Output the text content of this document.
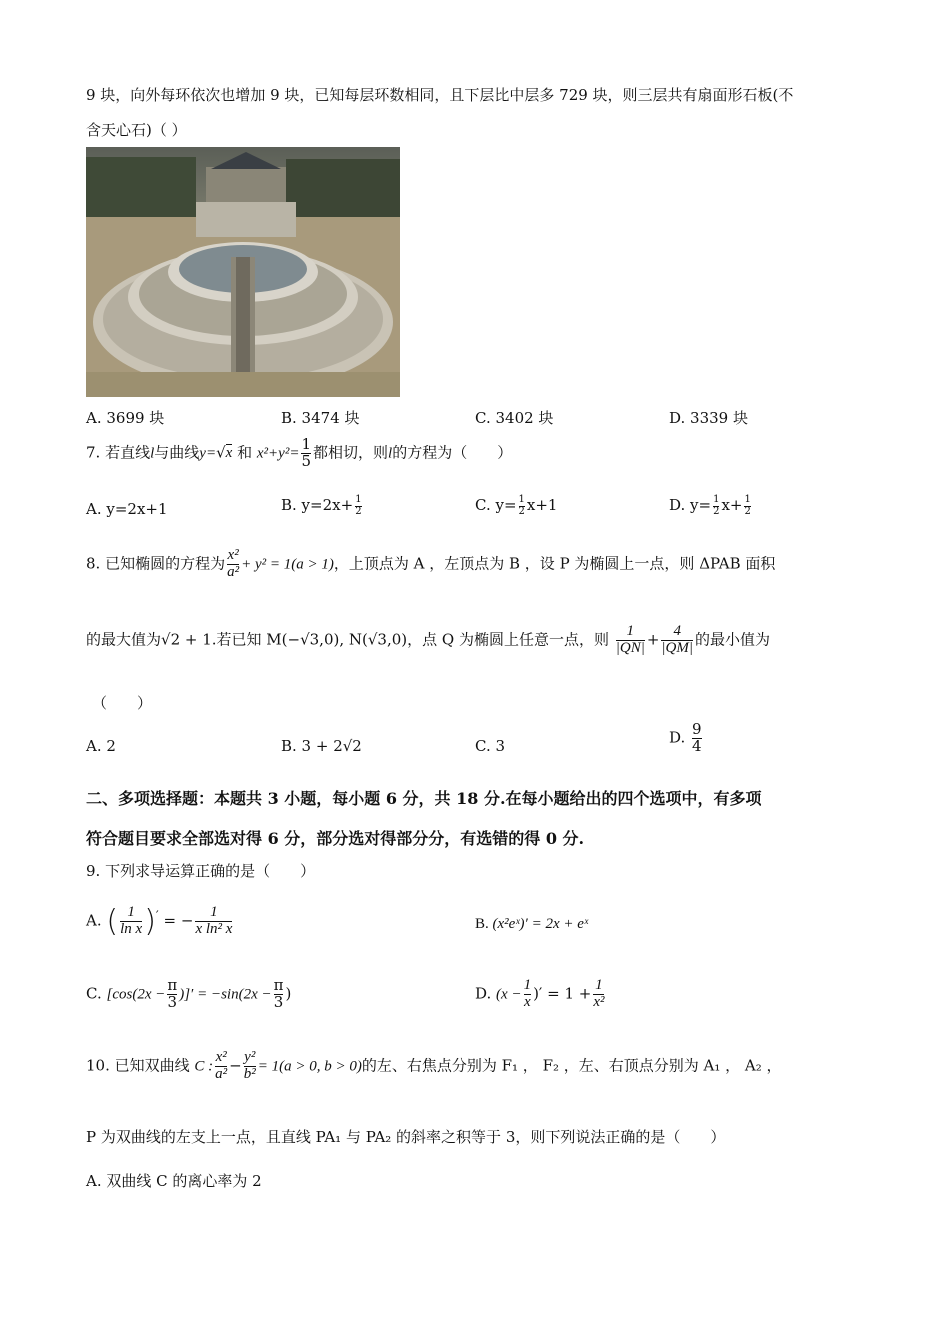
9 块，向外每环依次也增加 9 块，已知每层环数相同，且下层比中层多 729 块，则三层共有扇面形石板(不
含天心石)（ ）
A. 3699 块	B. 3474 块	C. 3402 块	D. 3339 块
7. 若直线l与曲线y=√x 和 $x^2+y^2= \frac{1}{5}$ 都相切，则l的方程为（　　）
A. y=2x+1	B. $y=2x+ \frac{1}{2}$	C. $y= \frac{1}{2} x+1$	D. $y= \frac{1}{2} x+ \frac{1}{2}$
8. 已知椭圆的方程为 $\frac{\text{x²}}{\text{a²}} + y^2 = 1(a > 1)$，上顶点为 A ，左顶点为 B ，设 P 为椭圆上一点，则 ΔPAB 面积
的最大值为√2 + 1.若已知 M(−√3,0), N(√3,0)，点 Q 为椭圆上任意一点，则 $\frac{1}{|QN|} + \frac{4}{|QM|}$ 的最小值为
（　　）
A. 2	B. 3 + 2√2	C. 3	D. $\frac{9}{4}$
二、多项选择题：本题共 3 小题，每小题 6 分，共 18 分.在每小题给出的四个选项中，有多项
符合题目要求全部选对得 6 分，部分选对得部分分，有选错的得 0 分.
9. 下列求导运算正确的是（　　）
A. ( $\frac{1}{\text{ln x}} )'$ = − $\frac{1}{\text{x ln² x}}$	B. (x²eˣ)′ = 2x + eˣ
C. [$\cos(2x - \frac{\pi}{3}$ )]′ = $-\sin(2x - \frac{\pi}{3}$ )	D. ($x - \frac{1}{x}$ )′ = $1 + \frac{1}{\text{x²}}$
10. 已知双曲线 C : $\frac{\text{x²}}{\text{a²}} - \frac{\text{y²}}{\text{b²}} = 1(a > 0$, b > 0)的左、右焦点分别为 F₁ ， F₂ ，左、右顶点分别为 A₁ ， A₂ ，
P 为双曲线的左支上一点，且直线 PA₁ 与 PA₂ 的斜率之积等于 3，则下列说法正确的是（　　）
A. 双曲线 C 的离心率为 2
